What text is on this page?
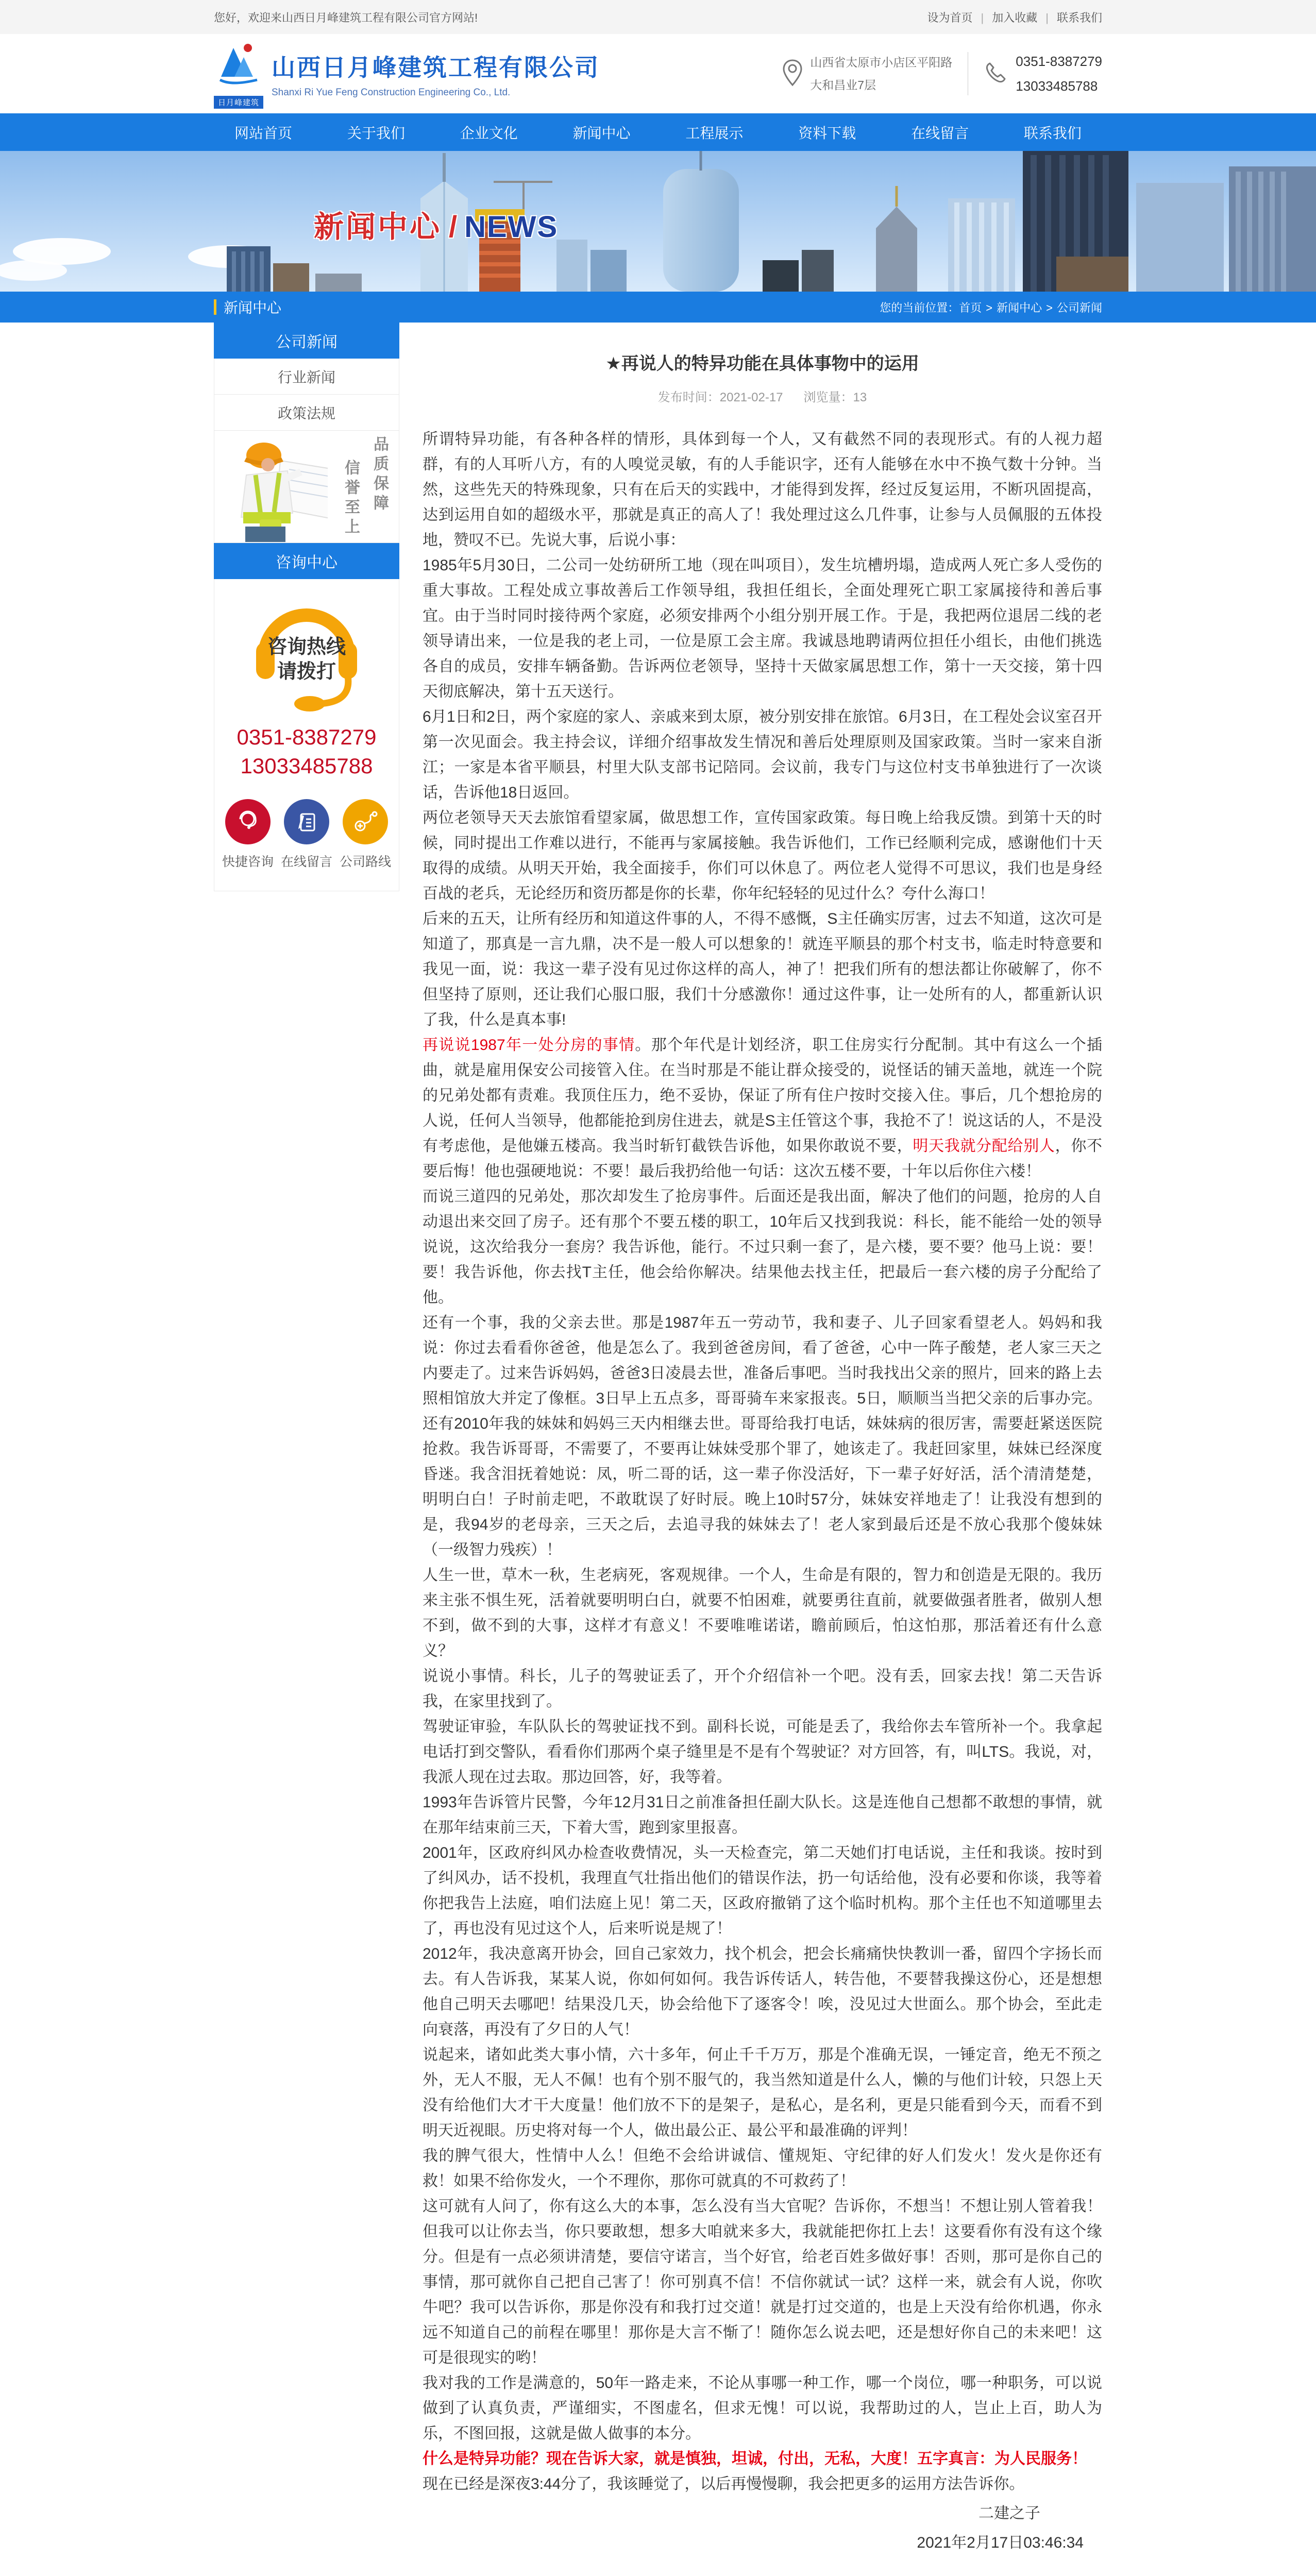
您好，欢迎来山西日月峰建筑工程有限公司官方网站!	设为首页 | 加入收藏 | 联系我们
日月峰建筑
山西日月峰建筑工程有限公司
Shanxi Ri Yue Feng Construction Engineering Co., Ltd.
山西省太原市小店区平阳路
大和昌业7层
0351-8387279
13033485788
网站首页	关于我们	企业文化	新闻中心	工程展示	资料下载	在线留言	联系我们
新闻中心 / NEWS
新闻中心	您的当前位置：首页 > 新闻中心 > 公司新闻
公司新闻
行业新闻
政策法规
品质保障
信誉至上
咨询中心
咨询热线
请拨打
0351-8387279
13033485788
快捷咨询 在线留言 公司路线
★再说人的特异功能在具体事物中的运用
发布时间：2021-02-17 浏览量：13

所谓特异功能，有各种各样的情形，具体到每一个人，又有截然不同的表现形式。有的人视力超群，有的人耳听八方，有的人嗅觉灵敏，有的人手能识字，还有人能够在水中不换气数十分钟。当然，这些先天的特殊现象，只有在后天的实践中，才能得到发挥，经过反复运用，不断巩固提高，达到运用自如的超级水平，那就是真正的高人了！我处理过这么几件事，让参与人员佩服的五体投地，赞叹不已。先说大事，后说小事：

1985年5月30日，二公司一处纺研所工地（现在叫项目），发生坑槽坍塌，造成两人死亡多人受伤的重大事故。工程处成立事故善后工作领导组，我担任组长，全面处理死亡职工家属接待和善后事宜。由于当时同时接待两个家庭，必须安排两个小组分别开展工作。于是，我把两位退居二线的老领导请出来，一位是我的老上司，一位是原工会主席。我诚恳地聘请两位担任小组长，由他们挑选各自的成员，安排车辆备勤。告诉两位老领导，坚持十天做家属思想工作，第十一天交接，第十四天彻底解决，第十五天送行。

6月1日和2日，两个家庭的家人、亲戚来到太原，被分别安排在旅馆。6月3日，在工程处会议室召开第一次见面会。我主持会议，详细介绍事故发生情况和善后处理原则及国家政策。当时一家来自浙江；一家是本省平顺县，村里大队支部书记陪同。会议前，我专门与这位村支书单独进行了一次谈话，告诉他18日返回。

两位老领导天天去旅馆看望家属，做思想工作，宣传国家政策。每日晚上给我反馈。到第十天的时候，同时提出工作难以进行，不能再与家属接触。我告诉他们，工作已经顺利完成，感谢他们十天取得的成绩。从明天开始，我全面接手，你们可以休息了。两位老人觉得不可思议，我们也是身经百战的老兵，无论经历和资历都是你的长辈，你年纪轻轻的见过什么？夸什么海口！

后来的五天，让所有经历和知道这件事的人，不得不感慨，S主任确实厉害，过去不知道，这次可是知道了，那真是一言九鼎，决不是一般人可以想象的！就连平顺县的那个村支书，临走时特意要和我见一面，说：我这一辈子没有见过你这样的高人，神了！把我们所有的想法都让你破解了，你不但坚持了原则，还让我们心服口服，我们十分感激你！通过这件事，让一处所有的人，都重新认识了我，什么是真本事!

再说说1987年一处分房的事情。那个年代是计划经济，职工住房实行分配制。其中有这么一个插曲，就是雇用保安公司接管入住。在当时那是不能让群众接受的，说怪话的铺天盖地，就连一个院的兄弟处都有责难。我顶住压力，绝不妥协，保证了所有住户按时交接入住。事后，几个想抢房的人说，任何人当领导，他都能抢到房住进去，就是S主任管这个事，我抢不了！说这话的人，不是没有考虑他，是他嫌五楼高。我当时斩钉截铁告诉他，如果你敢说不要，明天我就分配给别人，你不要后悔！他也强硬地说：不要！最后我扔给他一句话：这次五楼不要，十年以后你住六楼！

而说三道四的兄弟处，那次却发生了抢房事件。后面还是我出面，解决了他们的问题，抢房的人自动退出来交回了房子。还有那个不要五楼的职工，10年后又找到我说：科长，能不能给一处的领导说说，这次给我分一套房？我告诉他，能行。不过只剩一套了，是六楼，要不要？他马上说：要！要！我告诉他，你去找T主任，他会给你解决。结果他去找主任，把最后一套六楼的房子分配给了他。

还有一个事，我的父亲去世。那是1987年五一劳动节，我和妻子、儿子回家看望老人。妈妈和我说：你过去看看你爸爸，他是怎么了。我到爸爸房间，看了爸爸，心中一阵子酸楚，老人家三天之内要走了。过来告诉妈妈，爸爸3日凌晨去世，准备后事吧。当时我找出父亲的照片，回来的路上去照相馆放大并定了像框。3日早上五点多，哥哥骑车来家报丧。5日，顺顺当当把父亲的后事办完。还有2010年我的妹妹和妈妈三天内相继去世。哥哥给我打电话，妹妹病的很厉害，需要赶紧送医院抢救。我告诉哥哥，不需要了，不要再让妹妹受那个罪了，她该走了。我赶回家里，妹妹已经深度昏迷。我含泪抚着她说：凤，听二哥的话，这一辈子你没活好，下一辈子好好活，活个清清楚楚，明明白白！子时前走吧，不敢耽误了好时辰。晚上10时57分，妹妹安祥地走了！让我没有想到的是，我94岁的老母亲，三天之后，去追寻我的妹妹去了！老人家到最后还是不放心我那个傻妹妹（一级智力残疾）！

人生一世，草木一秋，生老病死，客观规律。一个人，生命是有限的，智力和创造是无限的。我历来主张不惧生死，活着就要明明白白，就要不怕困难，就要勇往直前，就要做强者胜者，做别人想不到，做不到的大事，这样才有意义！不要唯唯诺诺，瞻前顾后，怕这怕那，那活着还有什么意义？

说说小事情。科长，儿子的驾驶证丢了，开个介绍信补一个吧。没有丢，回家去找！第二天告诉我，在家里找到了。

驾驶证审验，车队队长的驾驶证找不到。副科长说，可能是丢了，我给你去车管所补一个。我拿起电话打到交警队，看看你们那两个桌子缝里是不是有个驾驶证？对方回答，有，叫LTS。我说，对，我派人现在过去取。那边回答，好，我等着。

1993年告诉管片民警，今年12月31日之前准备担任副大队长。这是连他自己想都不敢想的事情，就在那年结束前三天，下着大雪，跑到家里报喜。

2001年，区政府纠风办检查收费情况，头一天检查完，第二天她们打电话说，主任和我谈。按时到了纠风办，话不投机，我理直气壮指出他们的错误作法，扔一句话给他，没有必要和你谈，我等着你把我告上法庭，咱们法庭上见！第二天，区政府撤销了这个临时机构。那个主任也不知道哪里去了，再也没有见过这个人，后来听说是规了！

2012年，我决意离开协会，回自己家效力，找个机会，把会长痛痛快快教训一番，留四个字扬长而去。有人告诉我，某某人说，你如何如何。我告诉传话人，转告他，不要替我操这份心，还是想想他自己明天去哪吧！结果没几天，协会给他下了逐客令！唉，没见过大世面么。那个协会，至此走向衰落，再没有了夕日的人气！

说起来，诸如此类大事小情，六十多年，何止千千万万，那是个准确无误，一锤定音，绝无不预之外，无人不服，无人不佩！也有个别不服气的，我当然知道是什么人，懒的与他们计较，只怨上天没有给他们大才干大度量！他们放不下的是架子，是私心，是名利，更是只能看到今天，而看不到明天近视眼。历史将对每一个人，做出最公正、最公平和最准确的评判！

我的脾气很大，性情中人么！但绝不会给讲诚信、懂规矩、守纪律的好人们发火！发火是你还有救！如果不给你发火，一个不理你，那你可就真的不可救药了！

这可就有人问了，你有这么大的本事，怎么没有当大官呢？告诉你，不想当！不想让别人管着我！但我可以让你去当，你只要敢想，想多大咱就来多大，我就能把你扛上去！这要看你有没有这个缘分。但是有一点必须讲清楚，要信守诺言，当个好官，给老百姓多做好事！否则，那可是你自己的事情，那可就你自己把自己害了！你可别真不信！不信你就试一试？这样一来，就会有人说，你吹牛吧？我可以告诉你，那是你没有和我打过交道！就是打过交道的，也是上天没有给你机遇，你永远不知道自己的前程在哪里！那你是大言不惭了！随你怎么说去吧，还是想好你自己的未来吧！这可是很现实的哟！

我对我的工作是满意的，50年一路走来，不论从事哪一种工作，哪一个岗位，哪一种职务，可以说做到了认真负责，严谨细实，不图虚名，但求无愧！可以说，我帮助过的人，岂止上百，助人为乐，不图回报，这就是做人做事的本分。

什么是特异功能？现在告诉大家，就是慎独，坦诚，付出，无私，大度！五字真言：为人民服务！

现在已经是深夜3:44分了，我该睡觉了，以后再慢慢聊，我会把更多的运用方法告诉你。

二建之子
2021年2月17日03:46:34
